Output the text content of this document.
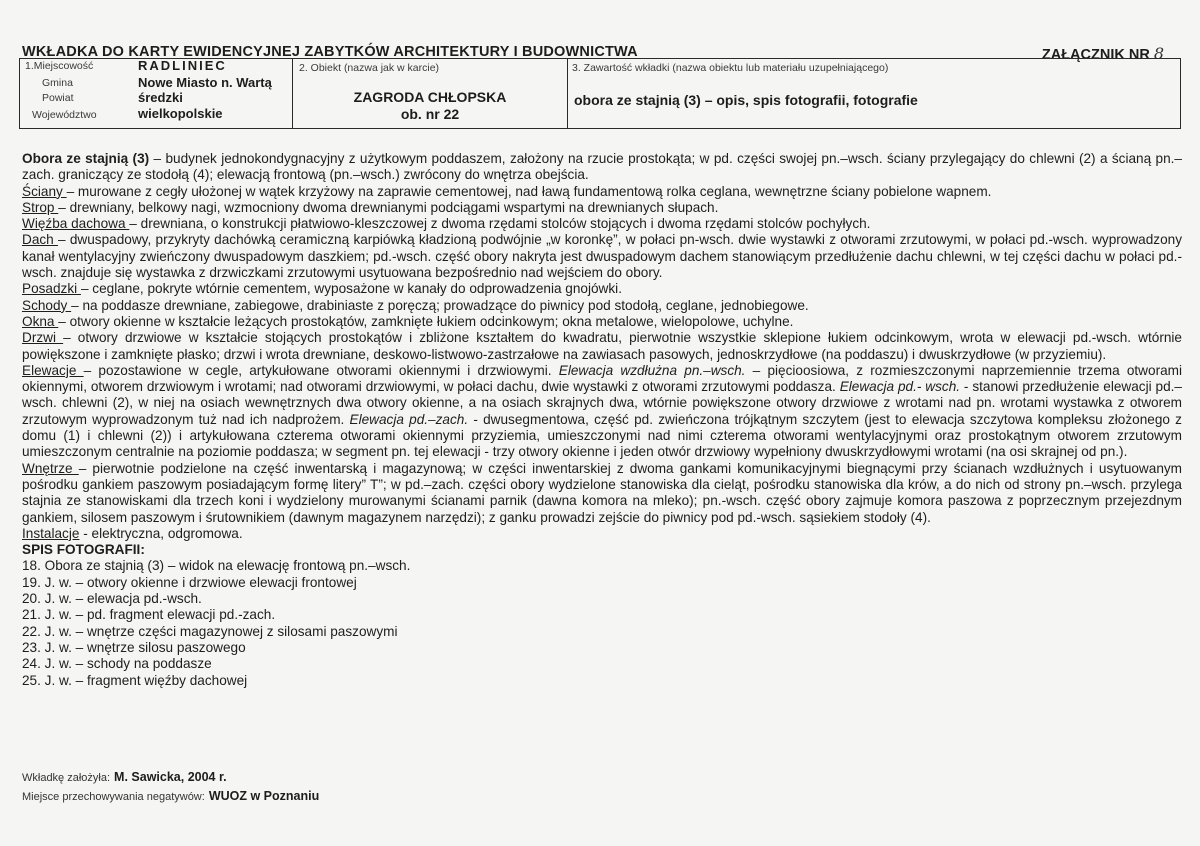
WKŁADKA DO KARTY EWIDENCYJNEJ ZABYTKÓW ARCHITEKTURY I BUDOWNICTWA	ZAŁĄCZNIK NR 8
1.Miejscowość	RADLINIEC
Gmina	Nowe Miasto n. Wartą
Powiat	średzki
Województwo	wielkopolskie
2. Obiekt (nazwa jak w karcie)
ZAGRODA CHŁOPSKA
ob. nr 22
3. Zawartość wkładki (nazwa obiektu lub materiału uzupełniającego)
obora ze stajnią (3) – opis, spis fotografii, fotografie

Obora ze stajnią (3) – budynek jednokondygnacyjny z użytkowym poddaszem, założony na rzucie prostokąta; w pd. części swojej pn.–wsch. ściany przylegający do chlewni (2) a ścianą pn.–zach. graniczący ze stodołą (4); elewacją frontową (pn.–wsch.) zwrócony do wnętrza obejścia.

Ściany – murowane z cegły ułożonej w wątek krzyżowy na zaprawie cementowej, nad ławą fundamentową rolka ceglana, wewnętrzne ściany pobielone wapnem.

Strop – drewniany, belkowy nagi, wzmocniony dwoma drewnianymi podciągami wspartymi na drewnianych słupach.

Więźba dachowa – drewniana, o konstrukcji płatwiowo-kleszczowej z dwoma rzędami stolców stojących i dwoma rzędami stolców pochyłych.

Dach – dwuspadowy, przykryty dachówką ceramiczną karpiówką kładzioną podwójnie „w koronkę”, w połaci pn-wsch. dwie wystawki z otworami zrzutowymi, w połaci pd.-wsch. wyprowadzony kanał wentylacyjny zwieńczony dwuspadowym daszkiem; pd.-wsch. część obory nakryta jest dwuspadowym dachem stanowiącym przedłużenie dachu chlewni, w tej części dachu w połaci pd.-wsch. znajduje się wystawka z drzwiczkami zrzutowymi usytuowana bezpośrednio nad wejściem do obory.

Posadzki – ceglane, pokryte wtórnie cementem, wyposażone w kanały do odprowadzenia gnojówki.

Schody – na poddasze drewniane, zabiegowe, drabiniaste z poręczą; prowadzące do piwnicy pod stodołą, ceglane, jednobiegowe.

Okna – otwory okienne w kształcie leżących prostokątów, zamknięte łukiem odcinkowym; okna metalowe, wielopolowe, uchylne.

Drzwi – otwory drzwiowe w kształcie stojących prostokątów i zbliżone kształtem do kwadratu, pierwotnie wszystkie sklepione łukiem odcinkowym, wrota w elewacji pd.-wsch. wtórnie powiększone i zamknięte płasko; drzwi i wrota drewniane, deskowo-listwowo-zastrzałowe na zawiasach pasowych, jednoskrzydłowe (na poddaszu) i dwuskrzydłowe (w przyziemiu).

Elewacje – pozostawione w cegle, artykułowane otworami okiennymi i drzwiowymi. Elewacja wzdłużna pn.–wsch. – pięcioosiowa, z rozmieszczonymi naprzemiennie trzema otworami okiennymi, otworem drzwiowym i wrotami; nad otworami drzwiowymi, w połaci dachu, dwie wystawki z otworami zrzutowymi poddasza. Elewacja pd.- wsch. - stanowi przedłużenie elewacji pd.–wsch. chlewni (2), w niej na osiach wewnętrznych dwa otwory okienne, a na osiach skrajnych dwa, wtórnie powiększone otwory drzwiowe z wrotami nad pn. wrotami wystawka z otworem zrzutowym wyprowadzonym tuż nad ich nadprożem. Elewacja pd.–zach. - dwusegmentowa, część pd. zwieńczona trójkątnym szczytem (jest to elewacja szczytowa kompleksu złożonego z domu (1) i chlewni (2)) i artykułowana czterema otworami okiennymi przyziemia, umieszczonymi nad nimi czterema otworami wentylacyjnymi oraz prostokątnym otworem zrzutowym umieszczonym centralnie na poziomie poddasza; w segment pn. tej elewacji - trzy otwory okienne i jeden otwór drzwiowy wypełniony dwuskrzydłowymi wrotami (na osi skrajnej od pn.).

Wnętrze – pierwotnie podzielone na część inwentarską i magazynową; w części inwentarskiej z dwoma gankami komunikacyjnymi biegnącymi przy ścianach wzdłużnych i usytuowanym pośrodku gankiem paszowym posiadającym formę litery” T”; w pd.–zach. części obory wydzielone stanowiska dla cieląt, pośrodku stanowiska dla krów, a do nich od strony pn.–wsch. przylega stajnia ze stanowiskami dla trzech koni i wydzielony murowanymi ścianami parnik (dawna komora na mleko); pn.-wsch. część obory zajmuje komora paszowa z poprzecznym przejezdnym gankiem, silosem paszowym i śrutownikiem (dawnym magazynem narzędzi); z ganku prowadzi zejście do piwnicy pod pd.-wsch. sąsiekiem stodoły (4).

Instalacje - elektryczna, odgromowa.

SPIS FOTOGRAFII:

18. Obora ze stajnią (3) – widok na elewację frontową pn.–wsch.

19. J. w. – otwory okienne i drzwiowe elewacji frontowej

20. J. w. – elewacja pd.-wsch.

21. J. w. – pd. fragment elewacji pd.-zach.

22. J. w. – wnętrze części magazynowej z silosami paszowymi

23. J. w. – wnętrze silosu paszowego

24. J. w. – schody na poddasze

25. J. w. – fragment więźby dachowej

Wkładkę założyła: M. Sawicka, 2004 r.
Miejsce przechowywania negatywów: WUOZ w Poznaniu
